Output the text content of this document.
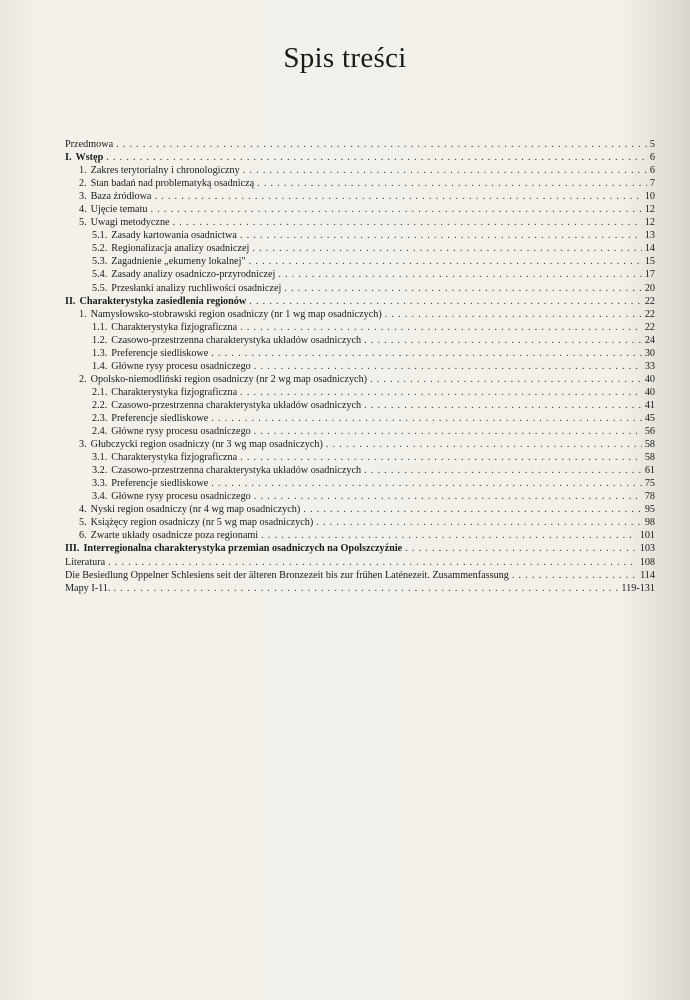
Spis treści
Przedmowa . . .	5
I. Wstęp . . .	6
1. Zakres terytorialny i chronologiczny . . .	6
2. Stan badań nad problematyką osadniczą . . .	7
3. Baza źródłowa . . .	10
4. Ujęcie tematu . . .	12
5. Uwagi metodyczne . . .	12
5.1. Zasady kartowania osadnictwa . . .	13
5.2. Regionalizacja analizy osadniczej . . .	14
5.3. Zagadnienie „ekumeny lokalnej" . . .	15
5.4. Zasady analizy osadniczo-przyrodniczej . . .	17
5.5. Przesłanki analizy ruchliwości osadniczej . . .	20
II. Charakterystyka zasiedlenia regionów . . .	22
1. Namysłowsko-stobrawski region osadniczy (nr 1 wg map osadniczych) . . .	22
1.1. Charakterystyka fizjograficzna . . .	22
1.2. Czasowo-przestrzenna charakterystyka układów osadniczych . . .	24
1.3. Preferencje siedliskowe . . .	30
1.4. Główne rysy procesu osadniczego . . .	33
2. Opolsko-niemodliński region osadniczy (nr 2 wg map osadniczych) . . .	40
2.1. Charakterystyka fizjograficzna . . .	40
2.2. Czasowo-przestrzenna charakterystyka układów osadniczych . . .	41
2.3. Preferencje siedliskowe . . .	45
2.4. Główne rysy procesu osadniczego . . .	56
3. Głubczycki region osadniczy (nr 3 wg map osadniczych) . . .	58
3.1. Charakterystyka fizjograficzna . . .	58
3.2. Czasowo-przestrzenna charakterystyka układów osadniczych . . .	61
3.3. Preferencje siedliskowe . . .	75
3.4. Główne rysy procesu osadniczego . . .	78
4. Nyski region osadniczy (nr 4 wg map osadniczych) . . .	95
5. Książęcy region osadniczy (nr 5 wg map osadniczych) . . .	98
6. Zwarte układy osadnicze poza regionami . . .	101
III. Interregionalna charakterystyka przemian osadniczych na Opolszczyźnie . . .	103
Literatura . . .	108
Die Besiedlung Oppelner Schlesiens seit der älteren Bronzezeit bis zur frühen Laténezeit. Zusammenfassung . . .	114
Mapy I-11. . . .	119-131
